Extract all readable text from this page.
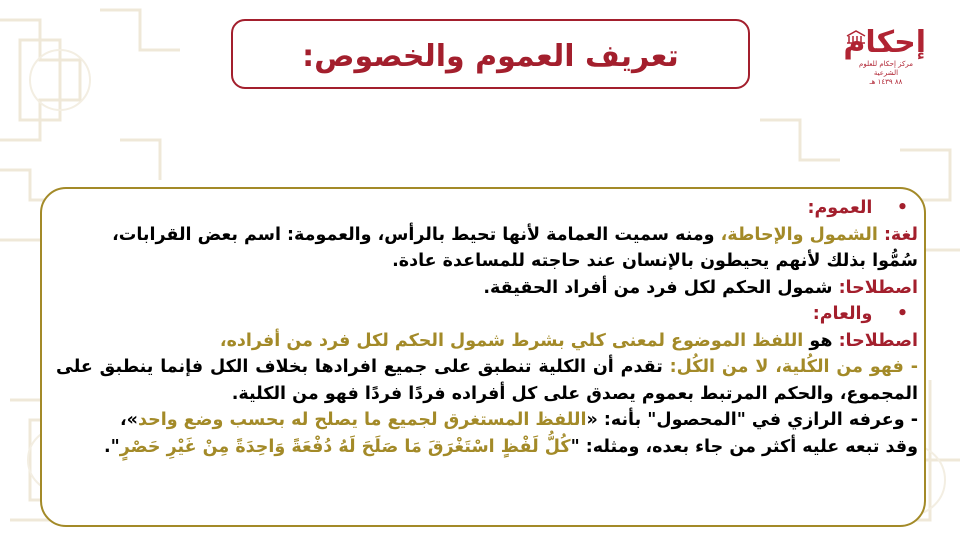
تعريف العموم والخصوص:	إحكام
مركز إحكام للعلوم الشرعية
٨٨ ١٤٣٩ هـ

•    العموم:

لغة: الشمول والإحاطة، ومنه سميت العمامة لأنها تحيط بالرأس، والعمومة: اسم بعض القرابات،

سُمُّوا بذلك لأنهم يحيطون بالإنسان عند حاجته للمساعدة عادة.

اصطلاحا: شمول الحكم لكل فرد من أفراد الحقيقة.

•    والعام:

اصطلاحا: هو اللفظ الموضوع لمعنى كلي بشرط شمول الحكم لكل فرد من أفراده،

- فهو من الكُلية، لا من الكُل: تقدم أن الكلية تنطبق على جميع افرادها بخلاف الكل فإنما ينطبق على المجموع، والحكم المرتبط بعموم يصدق على كل أفراده فردًا فردًا فهو من الكلية.

- وعرفه الرازي في "المحصول" بأنه: «اللفظ المستغرق لجميع ما يصلح له بحسب وضع واحد»،

وقد تبعه عليه أكثر من جاء بعده، ومثله: "كُلُّ لَفْظٍ اسْتَغْرَقَ مَا صَلَحَ لَهُ دُفْعَةً وَاحِدَةً مِنْ غَيْرِ حَصْرٍ".
